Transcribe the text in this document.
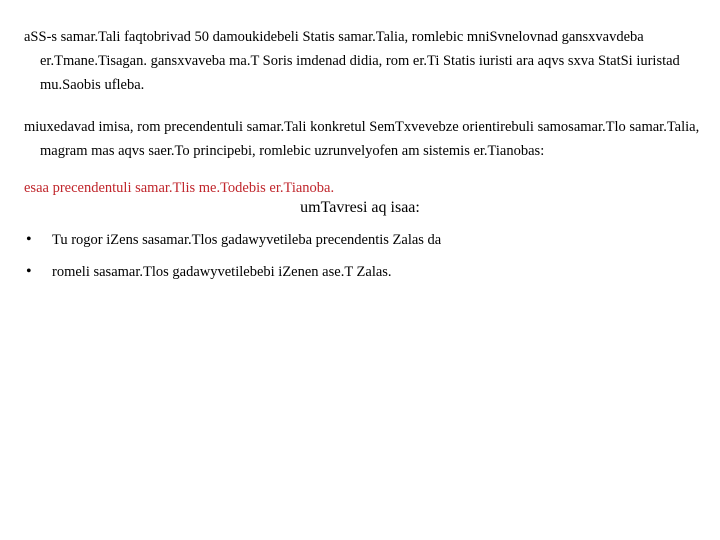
aSS-s samar.Tali faqtobrivad 50 damoukidebeli Statis samar.Talia, romlebic mniSvnelovnad gansxvavdeba er.Tmane.Tisagan. gansxvaveba ma.T Soris imdenad didia, rom er.Ti Statis iuristi ara aqvs sxva StatSi iuristad mu.Saobis ufleba.

miuxedavad imisa, rom precendentuli samar.Tali konkretul SemTxvevebze orientirebuli samosamar.Tlo samar.Talia, magram mas aqvs saer.To principebi, romlebic uzrunvelyofen am sistemis er.Tianobas:

esaa precendentuli samar.Tlis me.Todebis er.Tianoba.

umTavresi aq isaa:
• Tu rogor iZens sasamar.Tlos gadawyvetileba precendentis Zalas da
• romeli sasamar.Tlos gadawyvetilebebi iZenen ase.T Zalas.
